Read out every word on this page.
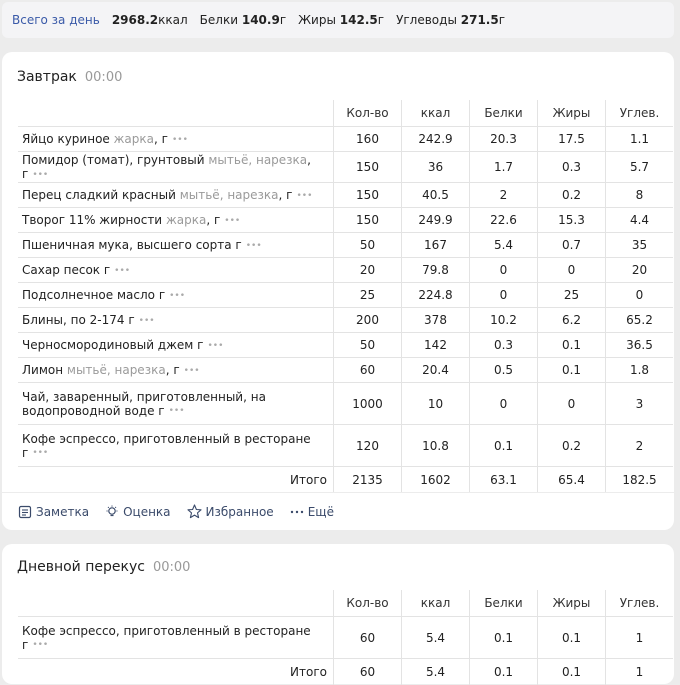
Всего за день 2968.2ккал Белки 140.9г Жиры 142.5г Углеводы 271.5г
Завтрак 00:00
	Кол-во	ккал	Белки	Жиры	Углев.
Яйцо куриное жарка, г •••	160	242.9	20.3	17.5	1.1
Помидор (томат), грунтовый мытьё, нарезка, г •••	150	36	1.7	0.3	5.7
Перец сладкий красный мытьё, нарезка, г •••	150	40.5	2	0.2	8
Творог 11% жирности жарка, г •••	150	249.9	22.6	15.3	4.4
Пшеничная мука, высшего сорта г •••	50	167	5.4	0.7	35
Сахар песок г •••	20	79.8	0	0	20
Подсолнечное масло г •••	25	224.8	0	25	0
Блины, по 2-174 г •••	200	378	10.2	6.2	65.2
Черносмородиновый джем г •••	50	142	0.3	0.1	36.5
Лимон мытьё, нарезка, г •••	60	20.4	0.5	0.1	1.8
Чай, заваренный, приготовленный, на водопроводной воде г •••	1000	10	0	0	3
Кофе эспрессо, приготовленный в ресторане г •••	120	10.8	0.1	0.2	2
Итого	2135	1602	63.1	65.4	182.5
Заметка	Оценка	Избранное	Ещё
Дневной перекус 00:00
	Кол-во	ккал	Белки	Жиры	Углев.
Кофе эспрессо, приготовленный в ресторане г •••	60	5.4	0.1	0.1	1
Итого	60	5.4	0.1	0.1	1
